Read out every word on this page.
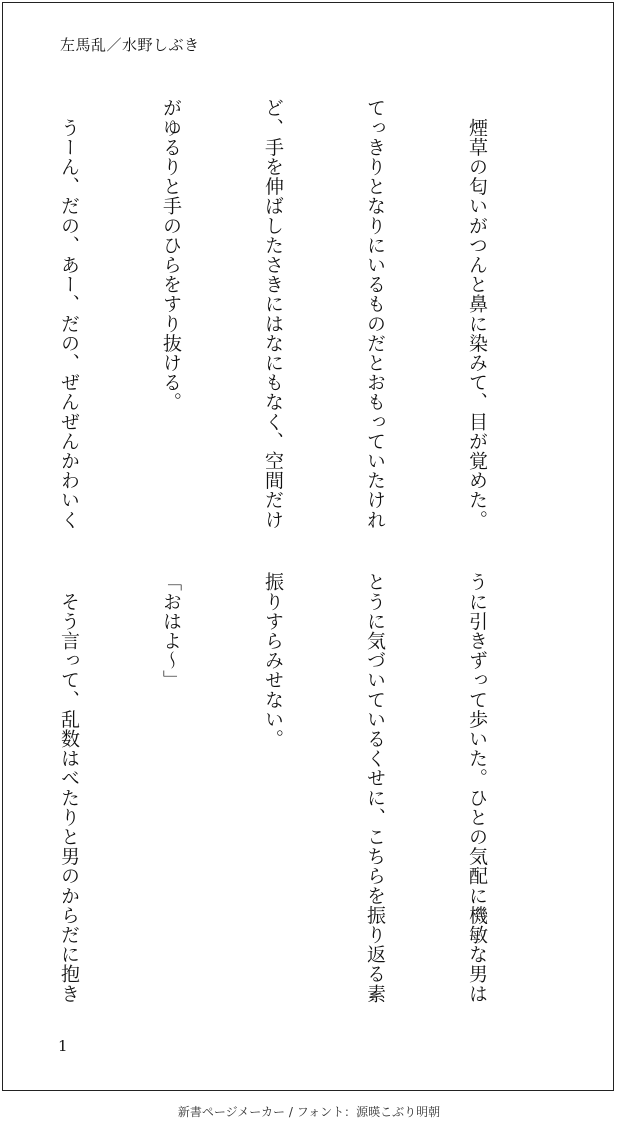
左馬乱／水野しぶき

　煙草の匂いがつんと鼻に染みて、目が覚めた。

てっきりとなりにいるものだとおもっていたけれ

ど、手を伸ばしたさきにはなにもなく、空間だけ

がゆるりと手のひらをすり抜ける。

　うーん、だの、あー、だの、ぜんぜんかわいく

うに引きずって歩いた。ひとの気配に機敏な男は

とうに気づいているくせに、こちらを振り返る素

振りすらみせない。

「おはよ〜」

　そう言って、乱数はべたりと男のからだに抱き

1
新書ページメーカー / フォント：源暎こぶり明朝
